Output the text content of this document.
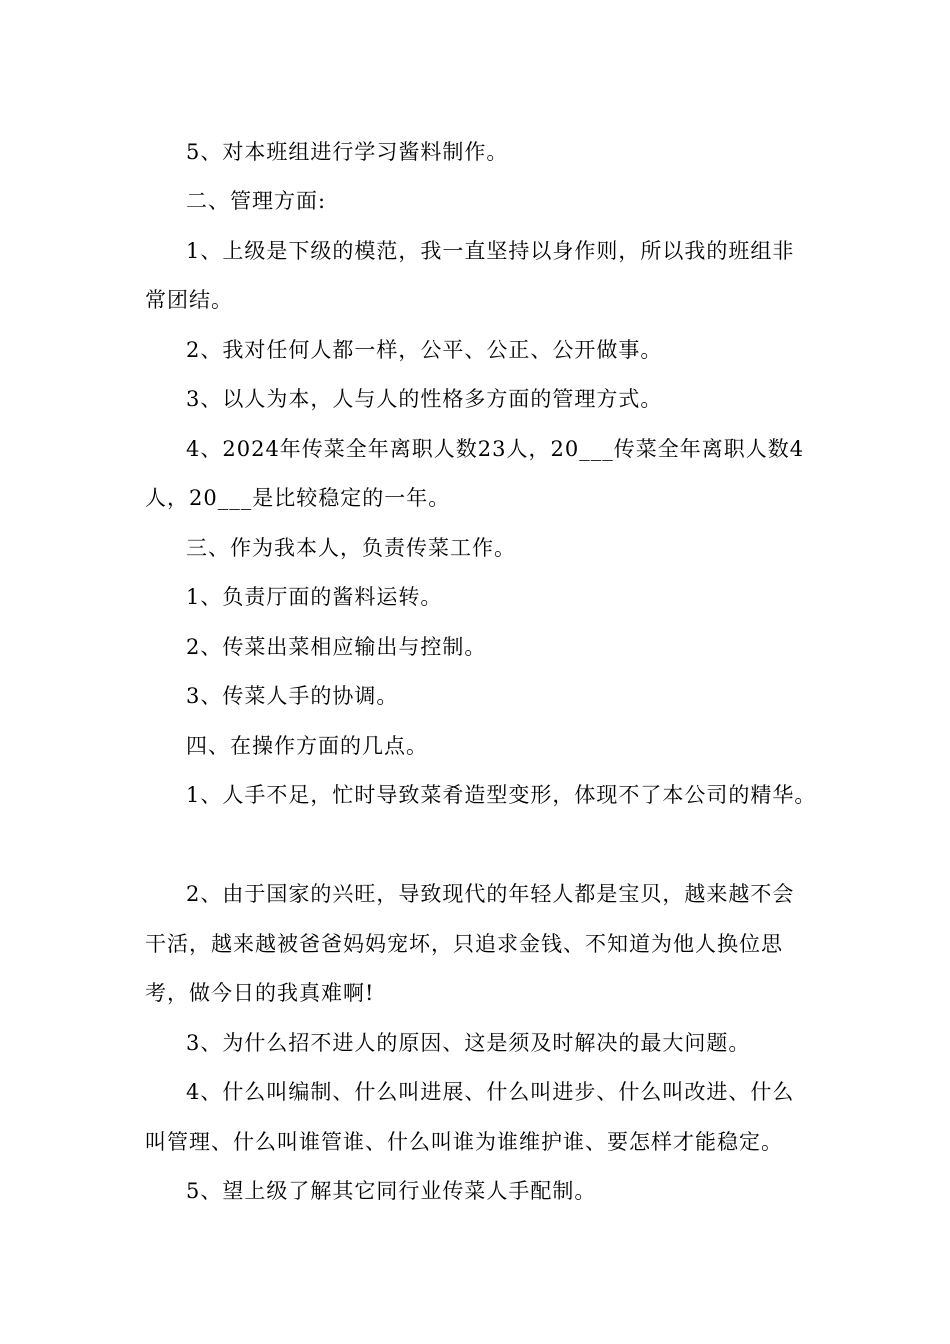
5、对本班组进行学习酱料制作。
二、管理方面:
1、上级是下级的模范，我一直坚持以身作则，所以我的班组非
常团结。
2、我对任何人都一样，公平、公正、公开做事。
3、以人为本，人与人的性格多方面的管理方式。
4、2024年传菜全年离职人数23人，20___传菜全年离职人数4
人，20___是比较稳定的一年。
三、作为我本人，负责传菜工作。
1、负责厅面的酱料运转。
2、传菜出菜相应输出与控制。
3、传菜人手的协调。
四、在操作方面的几点。
1、人手不足，忙时导致菜肴造型变形，体现不了本公司的精华。
2、由于国家的兴旺，导致现代的年轻人都是宝贝，越来越不会
干活，越来越被爸爸妈妈宠坏，只追求金钱、不知道为他人换位思
考，做今日的我真难啊!
3、为什么招不进人的原因、这是须及时解决的最大问题。
4、什么叫编制、什么叫进展、什么叫进步、什么叫改进、什么
叫管理、什么叫谁管谁、什么叫谁为谁维护谁、要怎样才能稳定。
5、望上级了解其它同行业传菜人手配制。
